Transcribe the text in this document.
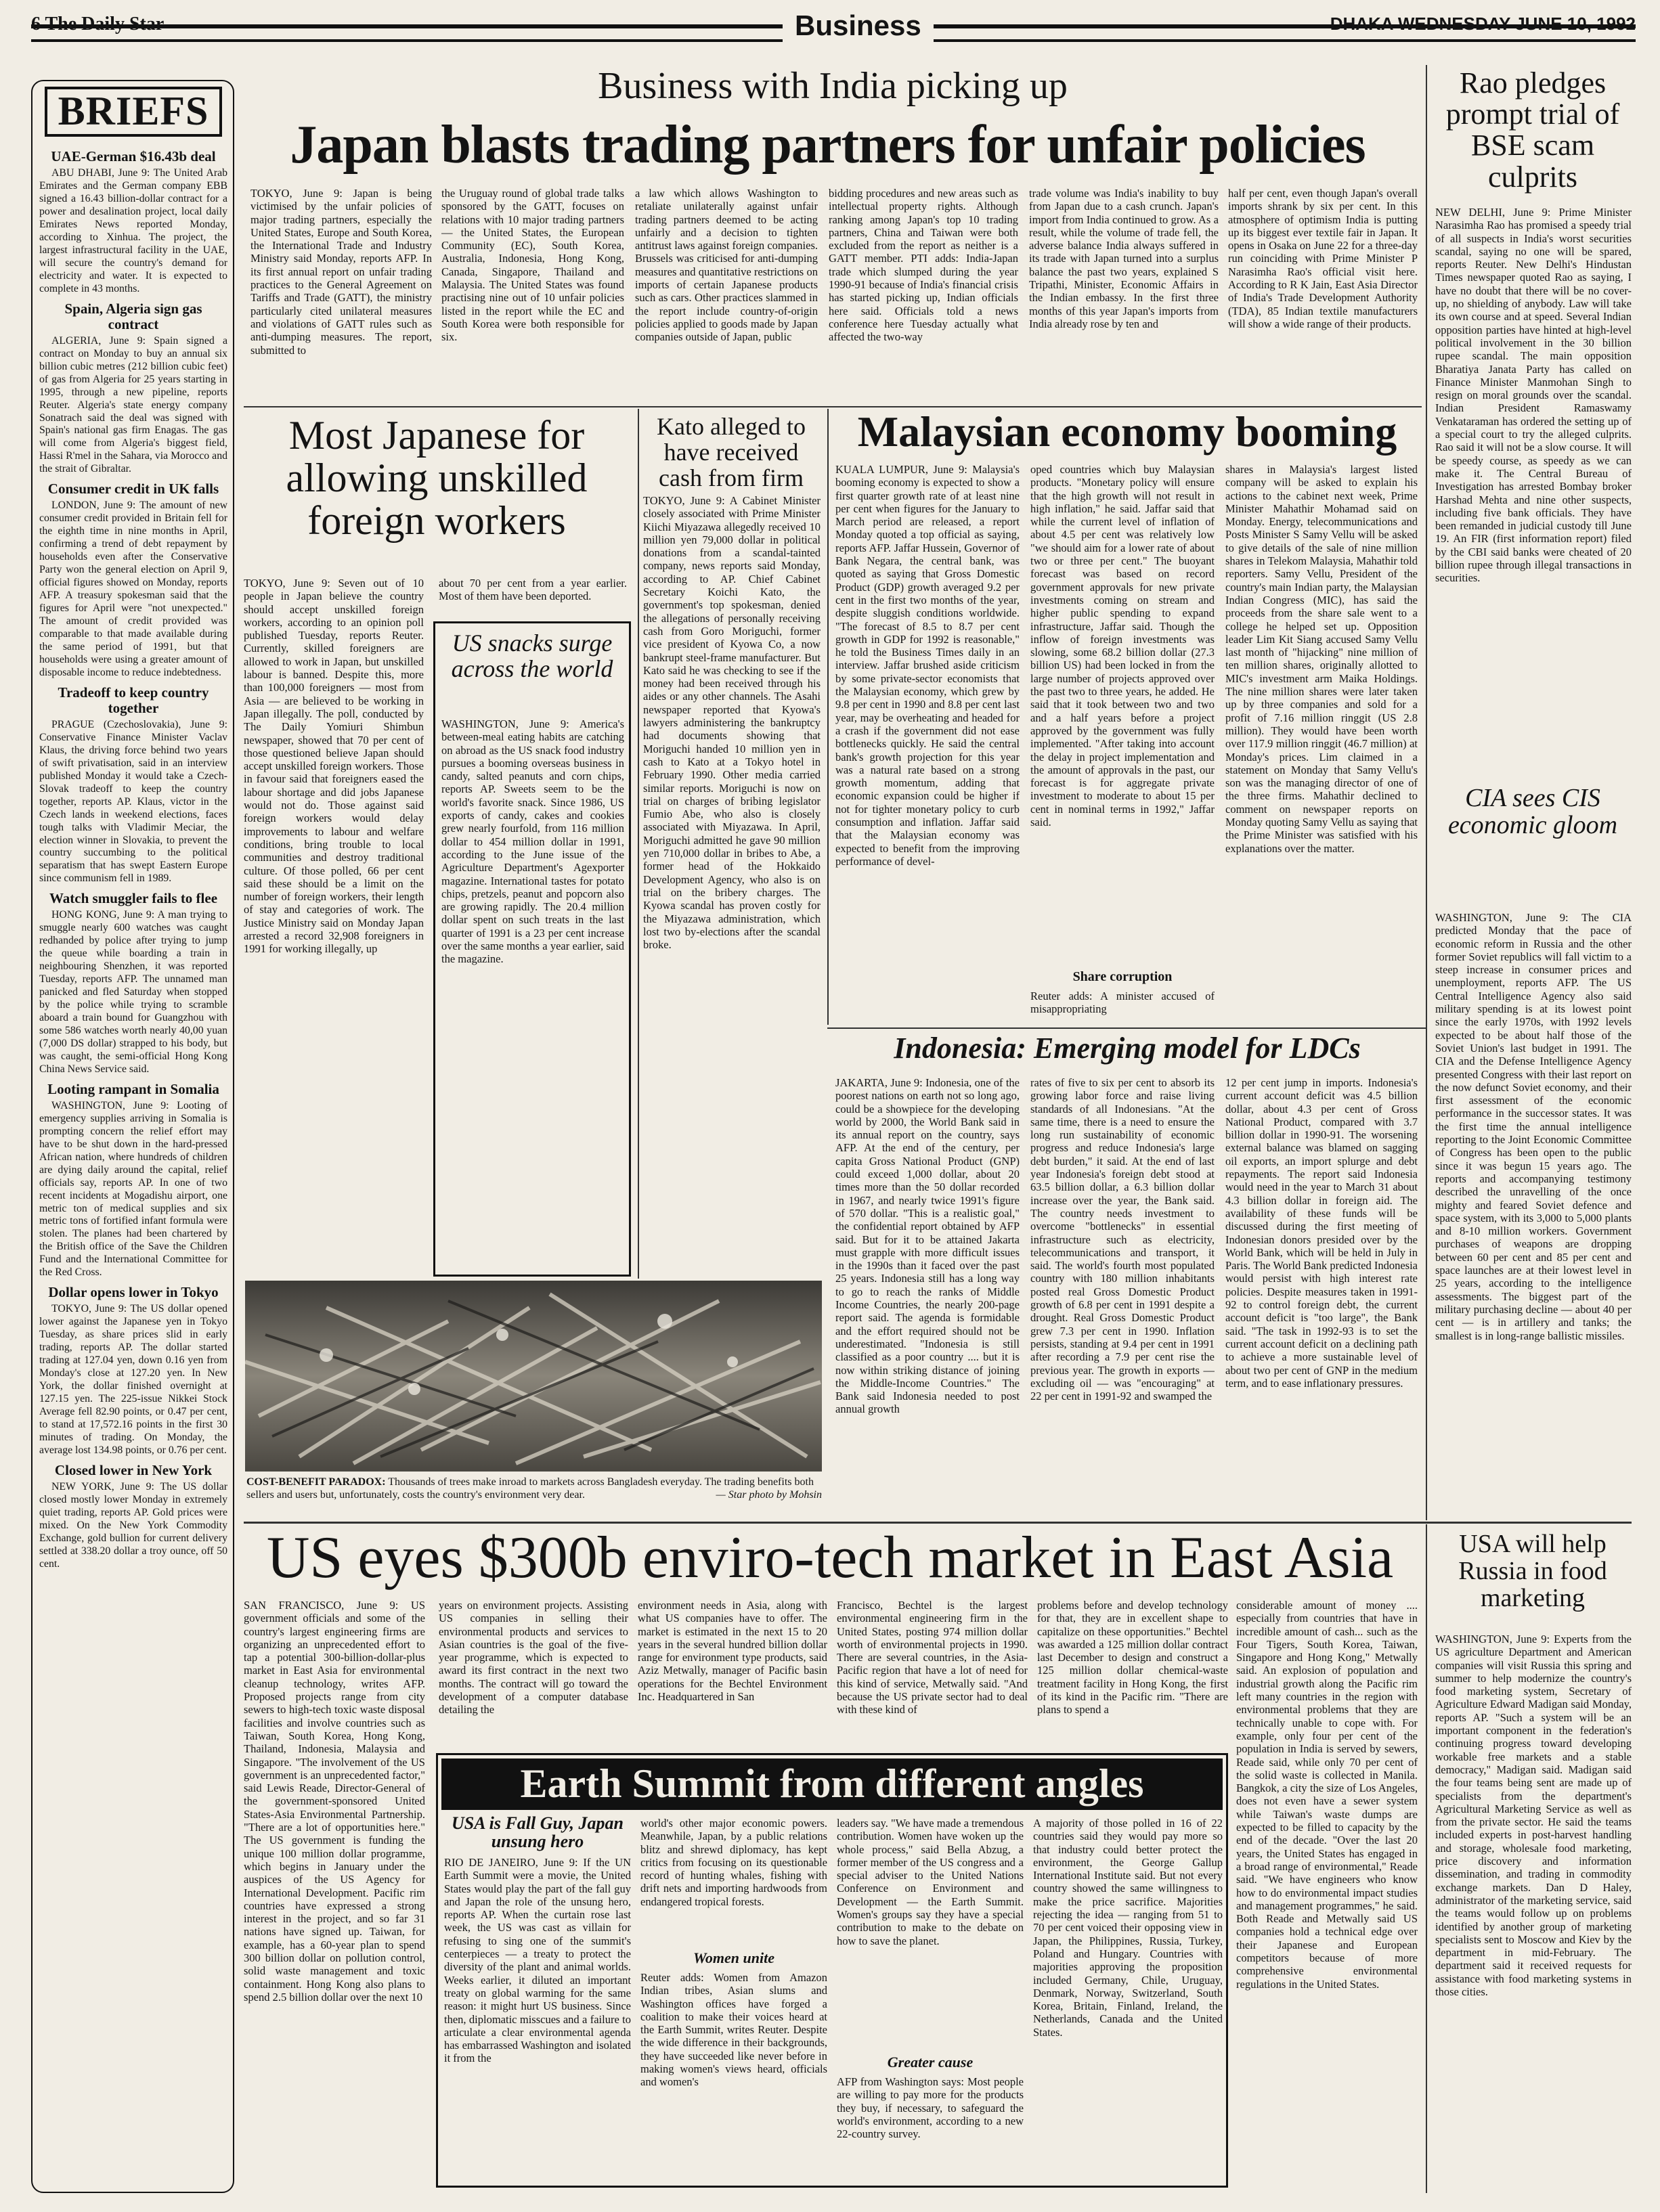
6 The Daily Star	Business	DHAKA WEDNESDAY JUNE 10, 1992
BRIEFS
UAE-German $16.43b deal

ABU DHABI, June 9: The United Arab Emirates and the German company EBB signed a 16.43 billion-dollar contract for a power and desalination project, local daily Emirates News reported Monday, according to Xinhua. The project, the largest infrastructural facility in the UAE, will secure the country's demand for electricity and water. It is expected to complete in 43 months.

Spain, Algeria sign gas contract

ALGERIA, June 9: Spain signed a contract on Monday to buy an annual six billion cubic metres (212 billion cubic feet) of gas from Algeria for 25 years starting in 1995, through a new pipeline, reports Reuter. Algeria's state energy company Sonatrach said the deal was signed with Spain's national gas firm Enagas. The gas will come from Algeria's biggest field, Hassi R'mel in the Sahara, via Morocco and the strait of Gibraltar.

Consumer credit in UK falls

LONDON, June 9: The amount of new consumer credit provided in Britain fell for the eighth time in nine months in April, confirming a trend of debt repayment by households even after the Conservative Party won the general election on April 9, official figures showed on Monday, reports AFP. A treasury spokesman said that the figures for April were "not unexpected." The amount of credit provided was comparable to that made available during the same period of 1991, but that households were using a greater amount of disposable income to reduce indebtedness.

Tradeoff to keep country together

PRAGUE (Czechoslovakia), June 9: Conservative Finance Minister Vaclav Klaus, the driving force behind two years of swift privatisation, said in an interview published Monday it would take a Czech-Slovak tradeoff to keep the country together, reports AP. Klaus, victor in the Czech lands in weekend elections, faces tough talks with Vladimir Meciar, the election winner in Slovakia, to prevent the country succumbing to the political separatism that has swept Eastern Europe since communism fell in 1989.

Watch smuggler fails to flee

HONG KONG, June 9: A man trying to smuggle nearly 600 watches was caught redhanded by police after trying to jump the queue while boarding a train in neighbouring Shenzhen, it was reported Tuesday, reports AFP. The unnamed man panicked and fled Saturday when stopped by the police while trying to scramble aboard a train bound for Guangzhou with some 586 watches worth nearly 40,00 yuan (7,000 DS dollar) strapped to his body, but was caught, the semi-official Hong Kong China News Service said.

Looting rampant in Somalia

WASHINGTON, June 9: Looting of emergency supplies arriving in Somalia is prompting concern the relief effort may have to be shut down in the hard-pressed African nation, where hundreds of children are dying daily around the capital, relief officials say, reports AP. In one of two recent incidents at Mogadishu airport, one metric ton of medical supplies and six metric tons of fortified infant formula were stolen. The planes had been chartered by the British office of the Save the Children Fund and the International Committee for the Red Cross.

Dollar opens lower in Tokyo

TOKYO, June 9: The US dollar opened lower against the Japanese yen in Tokyo Tuesday, as share prices slid in early trading, reports AP. The dollar started trading at 127.04 yen, down 0.16 yen from Monday's close at 127.20 yen. In New York, the dollar finished overnight at 127.15 yen. The 225-issue Nikkei Stock Average fell 82.90 points, or 0.47 per cent, to stand at 17,572.16 points in the first 30 minutes of trading. On Monday, the average lost 134.98 points, or 0.76 per cent.

Closed lower in New York

NEW YORK, June 9: The US dollar closed mostly lower Monday in extremely quiet trading, reports AP. Gold prices were mixed. On the New York Commodity Exchange, gold bullion for current delivery settled at 338.20 dollar a troy ounce, off 50 cent.

Business with India picking up
Japan blasts trading partners for unfair policies
TOKYO, June 9: Japan is being victimised by the unfair policies of major trading partners, especially the United States, Europe and South Korea, the International Trade and Industry Ministry said Monday, reports AFP. In its first annual report on unfair trading practices to the General Agreement on Tariffs and Trade (GATT), the ministry particularly cited unilateral measures and violations of GATT rules such as anti-dumping measures. The report, submitted to
the Uruguay round of global trade talks sponsored by the GATT, focuses on relations with 10 major trading partners — the United States, the European Community (EC), South Korea, Australia, Indonesia, Hong Kong, Canada, Singapore, Thailand and Malaysia. The United States was found practising nine out of 10 unfair policies listed in the report while the EC and South Korea were both responsible for six.
a law which allows Washington to retaliate unilaterally against unfair trading partners deemed to be acting unfairly and a decision to tighten antitrust laws against foreign companies. Brussels was criticised for anti-dumping measures and quantitative restrictions on imports of certain Japanese products such as cars. Other practices slammed in the report include country-of-origin policies applied to goods made by Japan companies outside of Japan, public
bidding procedures and new areas such as intellectual property rights. Although ranking among Japan's top 10 trading partners, China and Taiwan were both excluded from the report as neither is a GATT member. PTI adds: India-Japan trade which slumped during the year 1990-91 because of India's financial crisis has started picking up, Indian officials here said. Officials told a news conference here Tuesday actually what affected the two-way
trade volume was India's inability to buy from Japan due to a cash crunch. Japan's import from India continued to grow. As a result, while the volume of trade fell, the adverse balance India always suffered in its trade with Japan turned into a surplus balance the past two years, explained S Tripathi, Minister, Economic Affairs in the Indian embassy. In the first three months of this year Japan's imports from India already rose by ten and
half per cent, even though Japan's overall imports shrank by six per cent. In this atmosphere of optimism India is putting up its biggest ever textile fair in Japan. It opens in Osaka on June 22 for a three-day run coinciding with Prime Minister P Narasimha Rao's official visit here. According to R K Jain, East Asia Director of India's Trade Development Authority (TDA), 85 Indian textile manufacturers will show a wide range of their products.
Rao pledges prompt trial of BSE scam culprits
NEW DELHI, June 9: Prime Minister Narasimha Rao has promised a speedy trial of all suspects in India's worst securities scandal, saying no one will be spared, reports Reuter. New Delhi's Hindustan Times newspaper quoted Rao as saying, I have no doubt that there will be no cover-up, no shielding of anybody. Law will take its own course and at speed. Several Indian opposition parties have hinted at high-level political involvement in the 30 billion rupee scandal. The main opposition Bharatiya Janata Party has called on Finance Minister Manmohan Singh to resign on moral grounds over the scandal. Indian President Ramaswamy Venkataraman has ordered the setting up of a special court to try the alleged culprits. Rao said it will not be a slow course. It will be speedy course, as speedy as we can make it. The Central Bureau of Investigation has arrested Bombay broker Harshad Mehta and nine other suspects, including five bank officials. They have been remanded in judicial custody till June 19. An FIR (first information report) filed by the CBI said banks were cheated of 20 billion rupee through illegal transactions in securities.
CIA sees CIS economic gloom
WASHINGTON, June 9: The CIA predicted Monday that the pace of economic reform in Russia and the other former Soviet republics will fall victim to a steep increase in consumer prices and unemployment, reports AFP. The US Central Intelligence Agency also said military spending is at its lowest point since the early 1970s, with 1992 levels expected to be about half those of the Soviet Union's last budget in 1991. The CIA and the Defense Intelligence Agency presented Congress with their last report on the now defunct Soviet economy, and their first assessment of the economic performance in the successor states. It was the first time the annual intelligence reporting to the Joint Economic Committee of Congress has been open to the public since it was begun 15 years ago. The reports and accompanying testimony described the unravelling of the once mighty and feared Soviet defence and space system, with its 3,000 to 5,000 plants and 8-10 million workers. Government purchases of weapons are dropping between 60 per cent and 85 per cent and space launches are at their lowest level in 25 years, according to the intelligence assessments. The biggest part of the military purchasing decline — about 40 per cent — is in artillery and tanks; the smallest is in long-range ballistic missiles.
Most Japanese for allowing unskilled foreign workers
TOKYO, June 9: Seven out of 10 people in Japan believe the country should accept unskilled foreign workers, according to an opinion poll published Tuesday, reports Reuter. Currently, skilled foreigners are allowed to work in Japan, but unskilled labour is banned. Despite this, more than 100,000 foreigners — most from Asia — are believed to be working in Japan illegally. The poll, conducted by The Daily Yomiuri Shimbun newspaper, showed that 70 per cent of those questioned believe Japan should accept unskilled foreign workers. Those in favour said that foreigners eased the labour shortage and did jobs Japanese would not do. Those against said foreign workers would delay improvements to labour and welfare conditions, bring trouble to local communities and destroy traditional culture. Of those polled, 66 per cent said these should be a limit on the number of foreign workers, their length of stay and categories of work. The Justice Ministry said on Monday Japan arrested a record 32,908 foreigners in 1991 for working illegally, up
about 70 per cent from a year earlier. Most of them have been deported.
US snacks surge across the world
WASHINGTON, June 9: America's between-meal eating habits are catching on abroad as the US snack food industry pursues a booming overseas business in candy, salted peanuts and corn chips, reports AP. Sweets seem to be the world's favorite snack. Since 1986, US exports of candy, cakes and cookies grew nearly fourfold, from 116 million dollar to 454 million dollar in 1991, according to the June issue of the Agriculture Department's Agexporter magazine. International tastes for potato chips, pretzels, peanut and popcorn also are growing rapidly. The 20.4 million dollar spent on such treats in the last quarter of 1991 is a 23 per cent increase over the same months a year earlier, said the magazine.
Kato alleged to have received cash from firm
TOKYO, June 9: A Cabinet Minister closely associated with Prime Minister Kiichi Miyazawa allegedly received 10 million yen 79,000 dollar in political donations from a scandal-tainted company, news reports said Monday, according to AP. Chief Cabinet Secretary Koichi Kato, the government's top spokesman, denied the allegations of personally receiving cash from Goro Moriguchi, former vice president of Kyowa Co, a now bankrupt steel-frame manufacturer. But Kato said he was checking to see if the money had been received through his aides or any other channels. The Asahi newspaper reported that Kyowa's lawyers administering the bankruptcy had documents showing that Moriguchi handed 10 million yen in cash to Kato at a Tokyo hotel in February 1990. Other media carried similar reports. Moriguchi is now on trial on charges of bribing legislator Fumio Abe, who also is closely associated with Miyazawa. In April, Moriguchi admitted he gave 90 million yen 710,000 dollar in bribes to Abe, a former head of the Hokkaido Development Agency, who also is on trial on the bribery charges. The Kyowa scandal has proven costly for the Miyazawa administration, which lost two by-elections after the scandal broke.
Malaysian economy booming
KUALA LUMPUR, June 9: Malaysia's booming economy is expected to show a first quarter growth rate of at least nine per cent when figures for the January to March period are released, a report Monday quoted a top official as saying, reports AFP. Jaffar Hussein, Governor of Bank Negara, the central bank, was quoted as saying that Gross Domestic Product (GDP) growth averaged 9.2 per cent in the first two months of the year, despite sluggish conditions worldwide. "The forecast of 8.5 to 8.7 per cent growth in GDP for 1992 is reasonable," he told the Business Times daily in an interview. Jaffar brushed aside criticism by some private-sector economists that the Malaysian economy, which grew by 9.8 per cent in 1990 and 8.8 per cent last year, may be overheating and headed for a crash if the government did not ease bottlenecks quickly. He said the central bank's growth projection for this year was a natural rate based on a strong growth momentum, adding that economic expansion could be higher if not for tighter monetary policy to curb consumption and inflation. Jaffar said that the Malaysian economy was expected to benefit from the improving performance of devel-
oped countries which buy Malaysian products. "Monetary policy will ensure that the high growth will not result in high inflation," he said. Jaffar said that while the current level of inflation of about 4.5 per cent was relatively low "we should aim for a lower rate of about two or three per cent." The buoyant forecast was based on record government approvals for new private investments coming on stream and higher public spending to expand infrastructure, Jaffar said. Though the inflow of foreign investments was slowing, some 68.2 billion dollar (27.3 billion US) had been locked in from the large number of projects approved over the past two to three years, he added. He said that it took between two and two and a half years before a project approved by the government was fully implemented. "After taking into account the delay in project implementation and the amount of approvals in the past, our forecast is for aggregate private investment to moderate to about 15 per cent in nominal terms in 1992," Jaffar said.
Share corruption
Reuter adds: A minister accused of misappropriating
shares in Malaysia's largest listed company will be asked to explain his actions to the cabinet next week, Prime Minister Mahathir Mohamad said on Monday. Energy, telecommunications and Posts Minister S Samy Vellu will be asked to give details of the sale of nine million shares in Telekom Malaysia, Mahathir told reporters. Samy Vellu, President of the country's main Indian party, the Malaysian Indian Congress (MIC), has said the proceeds from the share sale went to a college he helped set up. Opposition leader Lim Kit Siang accused Samy Vellu last month of "hijacking" nine million of ten million shares, originally allotted to MIC's investment arm Maika Holdings. The nine million shares were later taken up by three companies and sold for a profit of 7.16 million ringgit (US 2.8 million). They would have been worth over 117.9 million ringgit (46.7 million) at Monday's prices. Lim claimed in a statement on Monday that Samy Vellu's son was the managing director of one of the three firms. Mahathir declined to comment on newspaper reports on Monday quoting Samy Vellu as saying that the Prime Minister was satisfied with his explanations over the matter.
Indonesia: Emerging model for LDCs
JAKARTA, June 9: Indonesia, one of the poorest nations on earth not so long ago, could be a showpiece for the developing world by 2000, the World Bank said in its annual report on the country, says AFP. At the end of the century, per capita Gross National Product (GNP) could exceed 1,000 dollar, about 20 times more than the 50 dollar recorded in 1967, and nearly twice 1991's figure of 570 dollar. "This is a realistic goal," the confidential report obtained by AFP said. But for it to be attained Jakarta must grapple with more difficult issues in the 1990s than it faced over the past 25 years. Indonesia still has a long way to go to reach the ranks of Middle Income Countries, the nearly 200-page report said. The agenda is formidable and the effort required should not be underestimated. "Indonesia is still classified as a poor country .... but it is now within striking distance of joining the Middle-Income Countries." The Bank said Indonesia needed to post annual growth
rates of five to six per cent to absorb its growing labor force and raise living standards of all Indonesians. "At the same time, there is a need to ensure the long run sustainability of economic progress and reduce Indonesia's large debt burden," it said. At the end of last year Indonesia's foreign debt stood at 63.5 billion dollar, a 6.3 billion dollar increase over the year, the Bank said. The country needs investment to overcome "bottlenecks" in essential infrastructure such as electricity, telecommunications and transport, it said. The world's fourth most populated country with 180 million inhabitants posted real Gross Domestic Product growth of 6.8 per cent in 1991 despite a drought. Real Gross Domestic Product grew 7.3 per cent in 1990. Inflation persists, standing at 9.4 per cent in 1991 after recording a 7.9 per cent rise the previous year. The growth in exports — excluding oil — was "encouraging" at 22 per cent in 1991-92 and swamped the
12 per cent jump in imports. Indonesia's current account deficit was 4.5 billion dollar, about 4.3 per cent of Gross National Product, compared with 3.7 billion dollar in 1990-91. The worsening external balance was blamed on sagging oil exports, an import splurge and debt repayments. The report said Indonesia would need in the year to March 31 about 4.3 billion dollar in foreign aid. The availability of these funds will be discussed during the first meeting of Indonesian donors presided over by the World Bank, which will be held in July in Paris. The World Bank predicted Indonesia would persist with high interest rate policies. Despite measures taken in 1991-92 to control foreign debt, the current account deficit is "too large", the Bank said. "The task in 1992-93 is to set the current account deficit on a declining path to achieve a more sustainable level of about two per cent of GNP in the medium term, and to ease inflationary pressures.
COST-BENEFIT PARADOX: Thousands of trees make inroad to markets across Bangladesh everyday. The trading benefits both sellers and users but, unfortunately, costs the country's environment very dear.	— Star photo by Mohsin
US eyes $300b enviro-tech market in East Asia	USA will help Russia in food marketing
WASHINGTON, June 9: Experts from the US agriculture Department and American companies will visit Russia this spring and summer to help modernize the country's food marketing system, Secretary of Agriculture Edward Madigan said Monday, reports AP. "Such a system will be an important component in the federation's continuing progress toward developing workable free markets and a stable democracy," Madigan said. Madigan said the four teams being sent are made up of specialists from the department's Agricultural Marketing Service as well as from the private sector. He said the teams included experts in post-harvest handling and storage, wholesale food marketing, price discovery and information dissemination, and trading in commodity exchange markets. Dan D Haley, administrator of the marketing service, said the teams would follow up on problems identified by another group of marketing specialists sent to Moscow and Kiev by the department in mid-February. The department said it received requests for assistance with food marketing systems in those cities.
SAN FRANCISCO, June 9: US government officials and some of the country's largest engineering firms are organizing an unprecedented effort to tap a potential 300-billion-dollar-plus market in East Asia for environmental cleanup technology, writes AFP. Proposed projects range from city sewers to high-tech toxic waste disposal facilities and involve countries such as Taiwan, South Korea, Hong Kong, Thailand, Indonesia, Malaysia and Singapore. "The involvement of the US government is an unprecedented factor," said Lewis Reade, Director-General of the government-sponsored United States-Asia Environmental Partnership. "There are a lot of opportunities here." The US government is funding the unique 100 million dollar programme, which begins in January under the auspices of the US Agency for International Development. Pacific rim countries have expressed a strong interest in the project, and so far 31 nations have signed up. Taiwan, for example, has a 60-year plan to spend 300 billion dollar on pollution control, solid waste management and toxic containment. Hong Kong also plans to spend 2.5 billion dollar over the next 10
years on environment projects. Assisting US companies in selling their environmental products and services to Asian countries is the goal of the five-year programme, which is expected to award its first contract in the next two months. The contract will go toward the development of a computer database detailing the
environment needs in Asia, along with what US companies have to offer. The market is estimated in the next 15 to 20 years in the several hundred billion dollar range for environment type products, said Aziz Metwally, manager of Pacific basin operations for the Bechtel Environment Inc. Headquartered in San
Francisco, Bechtel is the largest environmental engineering firm in the United States, posting 974 million dollar worth of environmental projects in 1990. There are several countries, in the Asia-Pacific region that have a lot of need for this kind of service, Metwally said. "And because the US private sector had to deal with these kind of
problems before and develop technology for that, they are in excellent shape to capitalize on these opportunities." Bechtel was awarded a 125 million dollar contract last December to design and construct a 125 million dollar chemical-waste treatment facility in Hong Kong, the first of its kind in the Pacific rim. "There are plans to spend a
considerable amount of money .... especially from countries that have in incredible amount of cash... such as the Four Tigers, South Korea, Taiwan, Singapore and Hong Kong," Metwally said. An explosion of population and industrial growth along the Pacific rim left many countries in the region with environmental problems that they are technically unable to cope with. For example, only four per cent of the population in India is served by sewers, Reade said, while only 70 per cent of the solid waste is collected in Manila. Bangkok, a city the size of Los Angeles, does not even have a sewer system while Taiwan's waste dumps are expected to be filled to capacity by the end of the decade. "Over the last 20 years, the United States has engaged in a broad range of environmental," Reade said. "We have engineers who know how to do environmental impact studies and management programmes," he said. Both Reade and Metwally said US companies hold a technical edge over their Japanese and European competitors because of more comprehensive environmental regulations in the United States.
Earth Summit from different angles
USA is Fall Guy, Japan unsung hero
RIO DE JANEIRO, June 9: If the UN Earth Summit were a movie, the United States would play the part of the fall guy and Japan the role of the unsung hero, reports AP. When the curtain rose last week, the US was cast as villain for refusing to sing one of the summit's centerpieces — a treaty to protect the diversity of the plant and animal worlds. Weeks earlier, it diluted an important treaty on global warming for the same reason: it might hurt US business. Since then, diplomatic misscues and a failure to articulate a clear environmental agenda has embarrassed Washington and isolated it from the
world's other major economic powers. Meanwhile, Japan, by a public relations blitz and shrewd diplomacy, has kept critics from focusing on its questionable record of hunting whales, fishing with drift nets and importing hardwoods from endangered tropical forests.
Women unite
Reuter adds: Women from Amazon Indian tribes, Asian slums and Washington offices have forged a coalition to make their voices heard at the Earth Summit, writes Reuter. Despite the wide difference in their backgrounds, they have succeeded like never before in making women's views heard, officials and women's
leaders say. "We have made a tremendous contribution. Women have woken up the whole process," said Bella Abzug, a former member of the US congress and a special adviser to the United Nations Conference on Environment and Development — the Earth Summit. Women's groups say they have a special contribution to make to the debate on how to save the planet.
Greater cause
AFP from Washington says: Most people are willing to pay more for the products they buy, if necessary, to safeguard the world's environment, according to a new 22-country survey.
A majority of those polled in 16 of 22 countries said they would pay more so that industry could better protect the environment, the George Gallup International Institute said. But not every country showed the same willingness to make the price sacrifice. Majorities rejecting the idea — ranging from 51 to 70 per cent voiced their opposing view in Japan, the Philippines, Russia, Turkey, Poland and Hungary. Countries with majorities approving the proposition included Germany, Chile, Uruguay, Denmark, Norway, Switzerland, South Korea, Britain, Finland, Ireland, the Netherlands, Canada and the United States.
